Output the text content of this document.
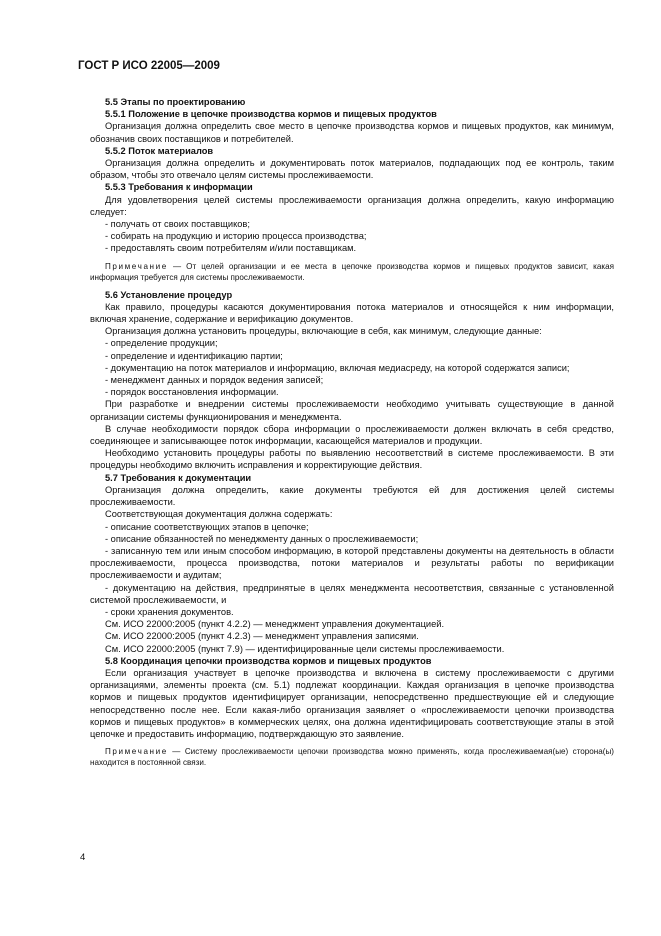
ГОСТ Р ИСО 22005—2009
5.5 Этапы по проектированию
5.5.1 Положение в цепочке производства кормов и пищевых продуктов
Организация должна определить свое место в цепочке производства кормов и пищевых продуктов, как минимум, обозначив своих поставщиков и потребителей.
5.5.2 Поток материалов
Организация должна определить и документировать поток материалов, подпадающих под ее контроль, таким образом, чтобы это отвечало целям системы прослеживаемости.
5.5.3 Требования к информации
Для удовлетворения целей системы прослеживаемости организация должна определить, какую информацию следует:
- получать от своих поставщиков;
- собирать на продукцию и историю процесса производства;
- предоставлять своим потребителям и/или поставщикам.
Примечание — От целей организации и ее места в цепочке производства кормов и пищевых продуктов зависит, какая информация требуется для системы прослеживаемости.
5.6 Установление процедур
Как правило, процедуры касаются документирования потока материалов и относящейся к ним информации, включая хранение, содержание и верификацию документов.
Организация должна установить процедуры, включающие в себя, как минимум, следующие данные:
- определение продукции;
- определение и идентификацию партии;
- документацию на поток материалов и информацию, включая медиасреду, на которой содержатся записи;
- менеджмент данных и порядок ведения записей;
- порядок восстановления информации.
При разработке и внедрении системы прослеживаемости необходимо учитывать существующие в данной организации системы функционирования и менеджмента.
В случае необходимости порядок сбора информации о прослеживаемости должен включать в себя средство, соединяющее и записывающее поток информации, касающейся материалов и продукции.
Необходимо установить процедуры работы по выявлению несоответствий в системе прослеживаемости. В эти процедуры необходимо включить исправления и корректирующие действия.
5.7 Требования к документации
Организация должна определить, какие документы требуются ей для достижения целей системы прослеживаемости.
Соответствующая документация должна содержать:
- описание соответствующих этапов в цепочке;
- описание обязанностей по менеджменту данных о прослеживаемости;
- записанную тем или иным способом информацию, в которой представлены документы на деятельность в области прослеживаемости, процесса производства, потоки материалов и результаты работы по верификации прослеживаемости и аудитам;
- документацию на действия, предпринятые в целях менеджмента несоответствия, связанные с установленной системой прослеживаемости, и
- сроки хранения документов.
См. ИСО 22000:2005 (пункт 4.2.2) — менеджмент управления документацией.
См. ИСО 22000:2005 (пункт 4.2.3) — менеджмент управления записями.
См. ИСО 22000:2005 (пункт 7.9) — идентифицированные цели системы прослеживаемости.
5.8 Координация цепочки производства кормов и пищевых продуктов
Если организация участвует в цепочке производства и включена в систему прослеживаемости с другими организациями, элементы проекта (см. 5.1) подлежат координации. Каждая организация в цепочке производства кормов и пищевых продуктов идентифицирует организации, непосредственно предшествующие ей и следующие непосредственно после нее. Если какая-либо организация заявляет о «прослеживаемости цепочки производства кормов и пищевых продуктов» в коммерческих целях, она должна идентифицировать соответствующие этапы в этой цепочке и предоставить информацию, подтверждающую это заявление.
Примечание — Систему прослеживаемости цепочки производства можно применять, когда прослеживаемая(ые) сторона(ы) находится в постоянной связи.
4
